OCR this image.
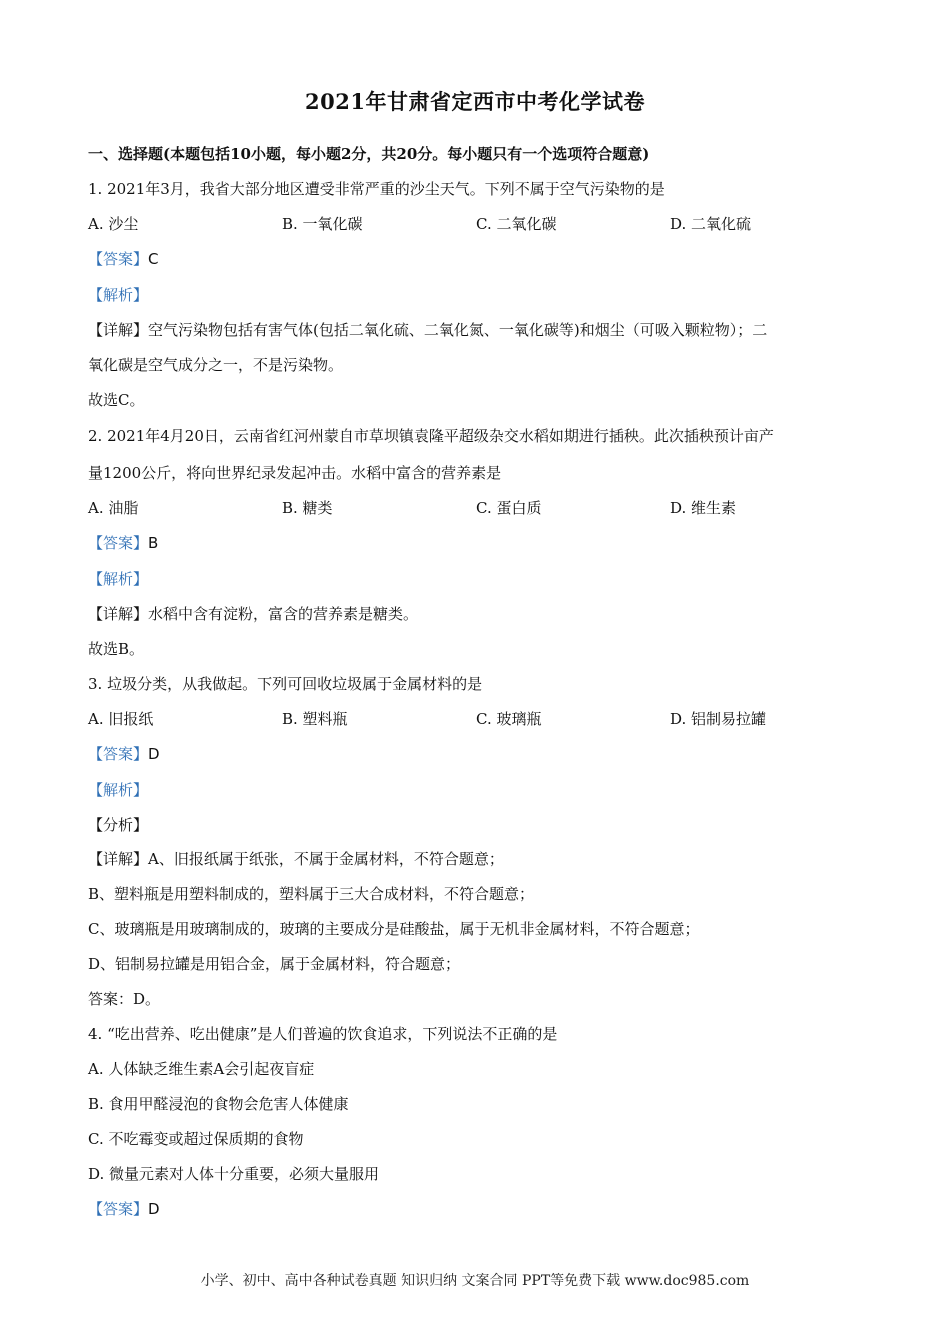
2021年甘肃省定西市中考化学试卷
一、选择题(本题包括10小题，每小题2分，共20分。每小题只有一个选项符合题意)
1. 2021年3月，我省大部分地区遭受非常严重的沙尘天气。下列不属于空气污染物的是
A. 沙尘	B. 一氧化碳	C. 二氧化碳	D. 二氧化硫
【答案】C
【解析】
【详解】空气污染物包括有害气体(包括二氧化硫、二氧化氮、一氧化碳等)和烟尘（可吸入颗粒物）；二
氧化碳是空气成分之一，不是污染物。
故选C。
2. 2021年4月20日，云南省红河州蒙自市草坝镇袁隆平超级杂交水稻如期进行插秧。此次插秧预计亩产
量1200公斤，将向世界纪录发起冲击。水稻中富含的营养素是
A. 油脂	B. 糖类	C. 蛋白质	D. 维生素
【答案】B
【解析】
【详解】水稻中含有淀粉，富含的营养素是糖类。
故选B。
3. 垃圾分类，从我做起。下列可回收垃圾属于金属材料的是
A. 旧报纸	B. 塑料瓶	C. 玻璃瓶	D. 铝制易拉罐
【答案】D
【解析】
【分析】
【详解】A、旧报纸属于纸张，不属于金属材料，不符合题意；
B、塑料瓶是用塑料制成的，塑料属于三大合成材料，不符合题意；
C、玻璃瓶是用玻璃制成的，玻璃的主要成分是硅酸盐，属于无机非金属材料，不符合题意；
D、铝制易拉罐是用铝合金，属于金属材料，符合题意；
答案：D。
4. “吃出营养、吃出健康”是人们普遍的饮食追求，下列说法不正确的是
A. 人体缺乏维生素A会引起夜盲症
B. 食用甲醛浸泡的食物会危害人体健康
C. 不吃霉变或超过保质期的食物
D. 微量元素对人体十分重要，必须大量服用
【答案】D
小学、初中、高中各种试卷真题 知识归纳 文案合同 PPT等免费下载 www.doc985.com
